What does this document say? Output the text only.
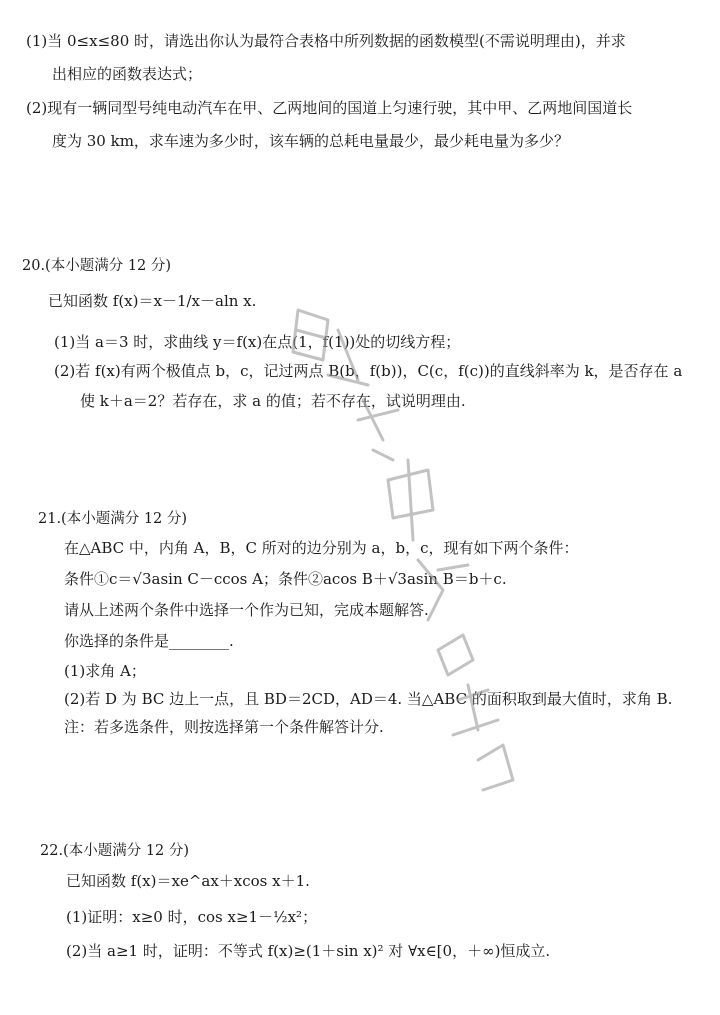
(1)当 0≤x≤80 时，请选出你认为最符合表格中所列数据的函数模型(不需说明理由)，并求
出相应的函数表达式；
(2)现有一辆同型号纯电动汽车在甲、乙两地间的国道上匀速行驶，其中甲、乙两地间国道长
度为 30 km，求车速为多少时，该车辆的总耗电量最少，最少耗电量为多少？
20.(本小题满分 12 分)
已知函数 f(x)＝x－1/x－aln x.
(1)当 a＝3 时，求曲线 y＝f(x)在点(1，f(1))处的切线方程；
(2)若 f(x)有两个极值点 b，c，记过两点 B(b，f(b))，C(c，f(c))的直线斜率为 k，是否存在 a
使 k＋a＝2？若存在，求 a 的值；若不存在，试说明理由.
21.(本小题满分 12 分)
在△ABC 中，内角 A，B，C 所对的边分别为 a，b，c，现有如下两个条件：
条件①c＝√3asin C－ccos A；条件②acos B＋√3asin B＝b＋c.
请从上述两个条件中选择一个作为已知，完成本题解答.
你选择的条件是________.
(1)求角 A；
(2)若 D 为 BC 边上一点，且 BD＝2CD，AD＝4. 当△ABC 的面积取到最大值时，求角 B.
注：若多选条件，则按选择第一个条件解答计分.
22.(本小题满分 12 分)
已知函数 f(x)＝xe^ax＋xcos x＋1.
(1)证明：x≥0 时，cos x≥1－½x²；
(2)当 a≥1 时，证明：不等式 f(x)≥(1＋sin x)² 对 ∀x∈[0，＋∞)恒成立.
